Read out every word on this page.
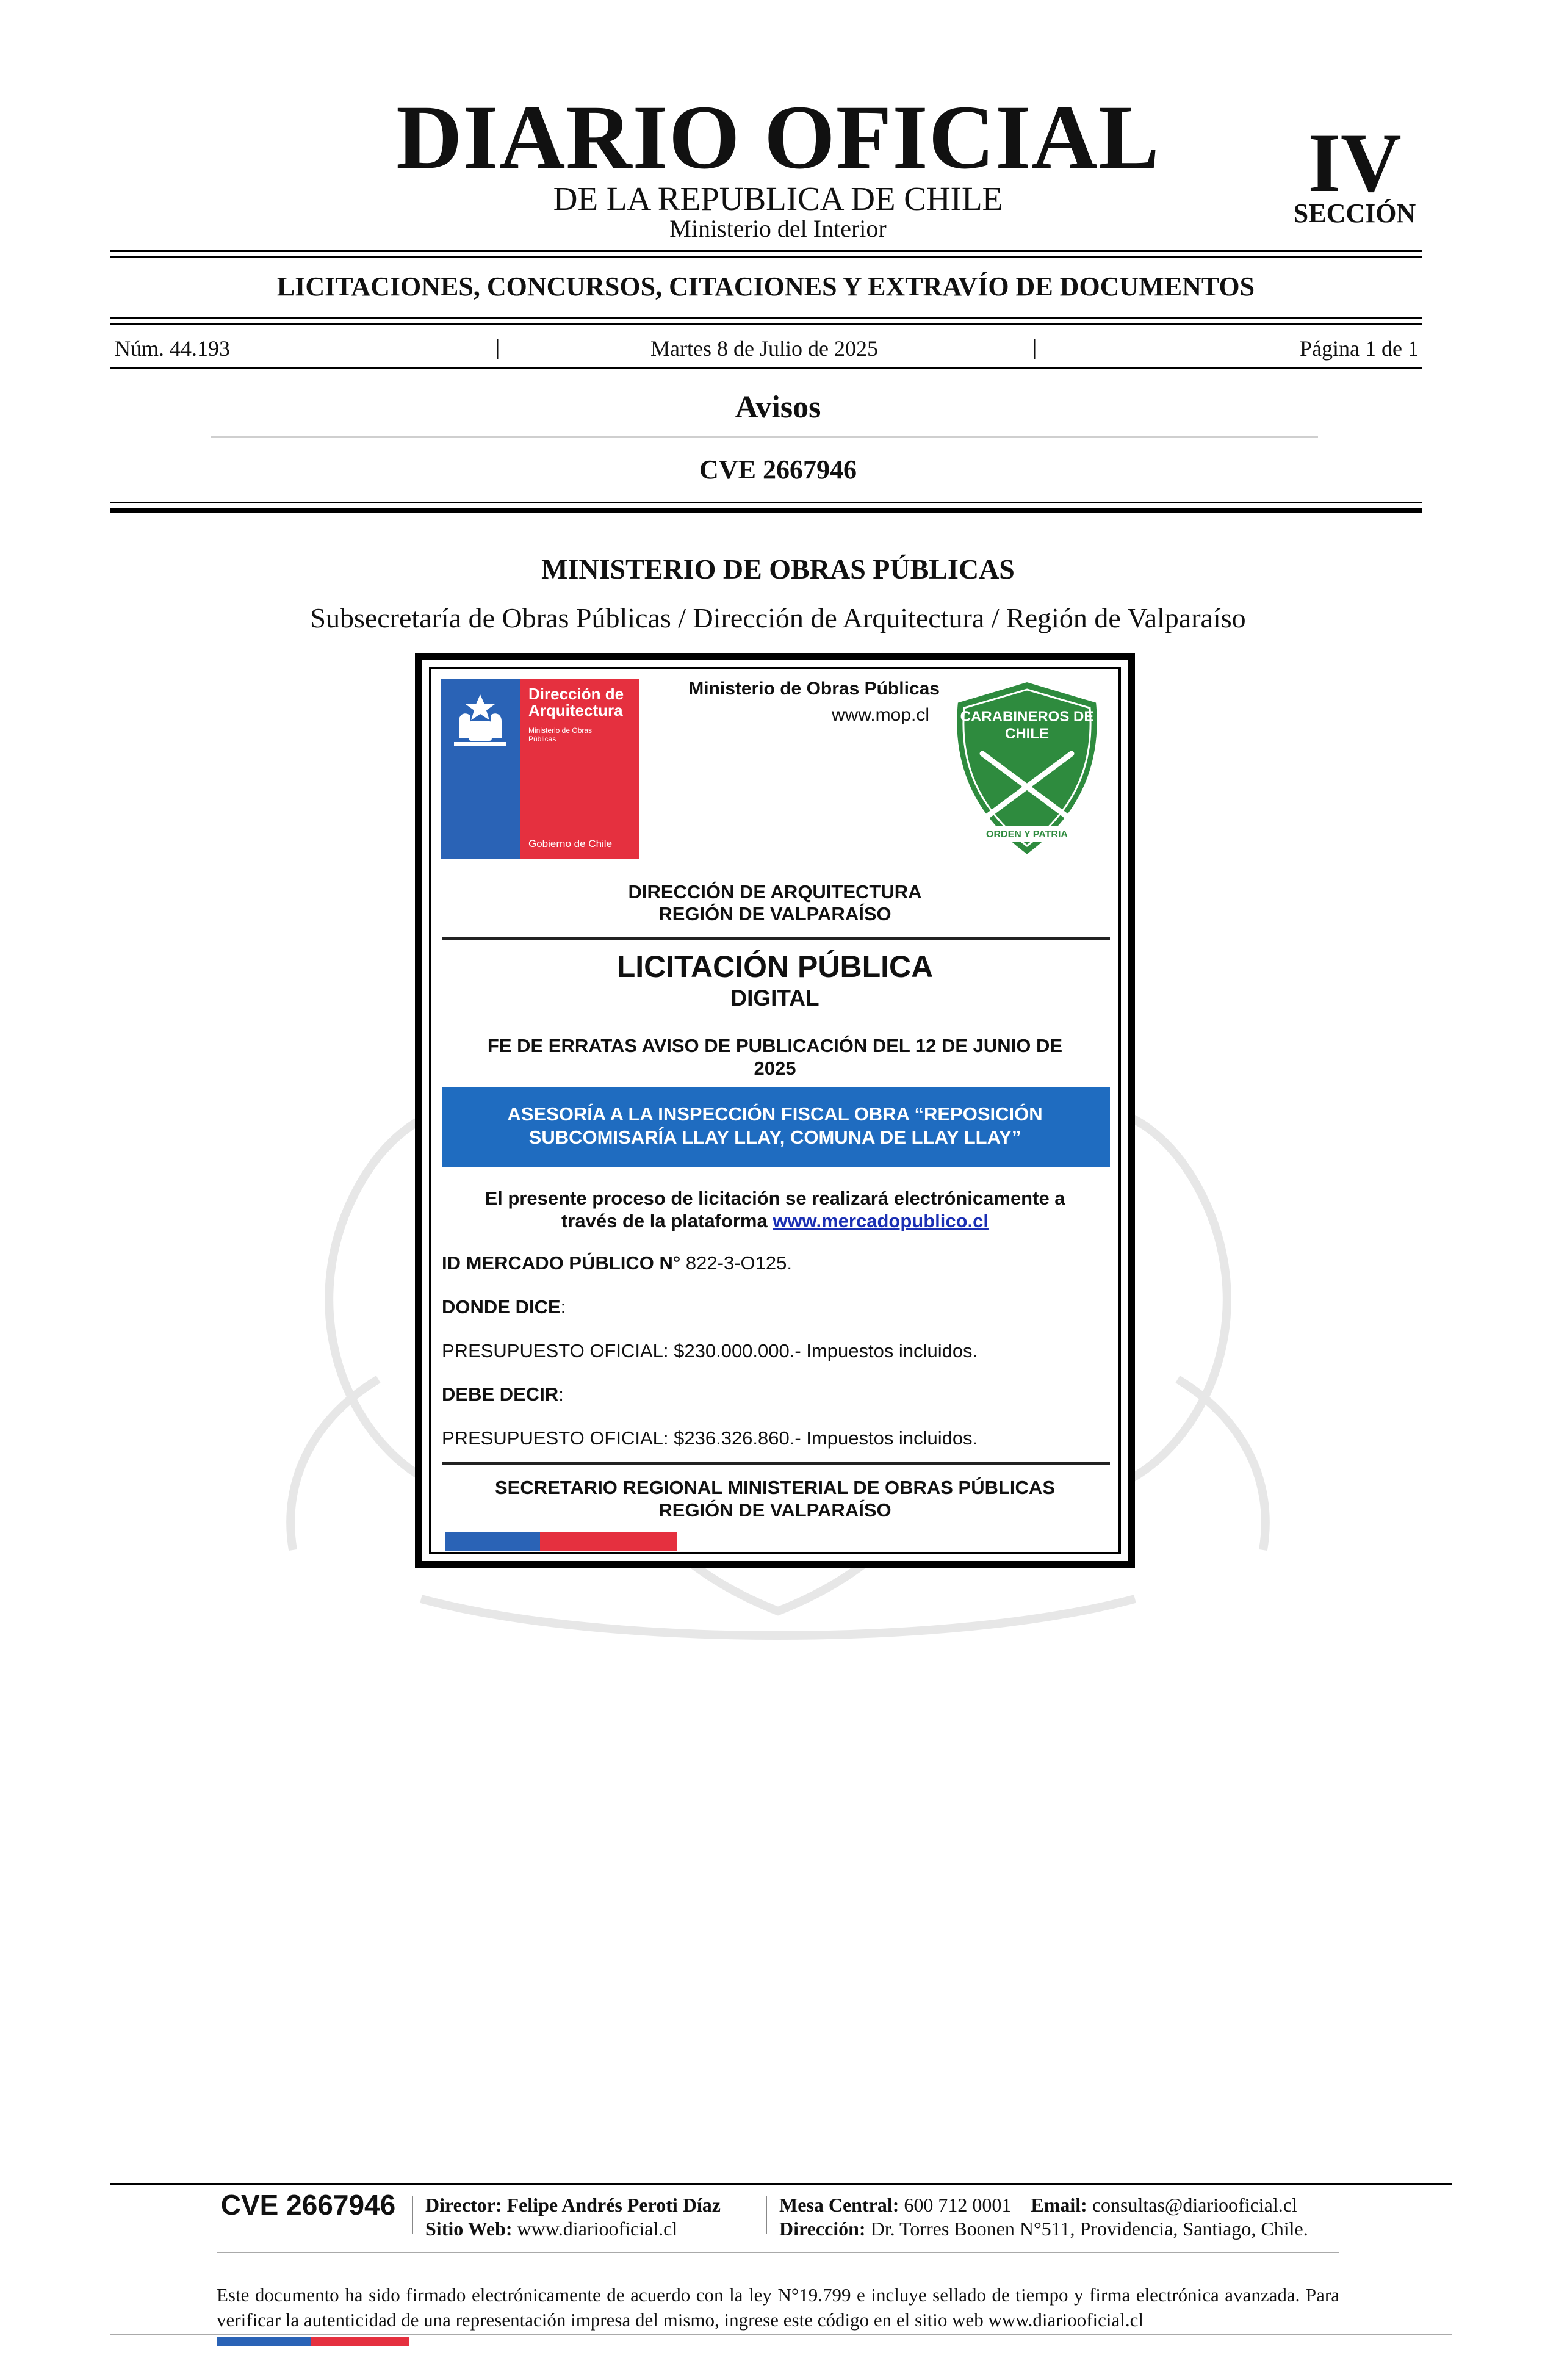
DIARIO OFICIAL
DE LA REPUBLICA DE CHILE
Ministerio del Interior
IV
SECCIÓN
LICITACIONES, CONCURSOS, CITACIONES Y EXTRAVÍO DE DOCUMENTOS
Núm. 44.193	|	Martes 8 de Julio de 2025	|	Página 1 de 1
Avisos
CVE 2667946
MINISTERIO DE OBRAS PÚBLICAS
Subsecretaría de Obras Públicas / Dirección de Arquitectura / Región de Valparaíso
Dirección de
Arquitectura
Ministerio de Obras
Públicas
Gobierno de Chile
Ministerio de Obras Públicas
www.mop.cl CARABINEROS DE
CHILE
ORDEN Y PATRIA
DIRECCIÓN DE ARQUITECTURA
REGIÓN DE VALPARAÍSO
LICITACIÓN PÚBLICA
DIGITAL
FE DE ERRATAS AVISO DE PUBLICACIÓN DEL 12 DE JUNIO DE
2025
ASESORÍA A LA INSPECCIÓN FISCAL OBRA “REPOSICIÓN
SUBCOMISARÍA LLAY LLAY, COMUNA DE LLAY LLAY”
El presente proceso de licitación se realizará electrónicamente a
través de la plataforma www.mercadopublico.cl
ID MERCADO PÚBLICO N° 822-3-O125.
DONDE DICE:
PRESUPUESTO OFICIAL: $230.000.000.- Impuestos incluidos.
DEBE DECIR:
PRESUPUESTO OFICIAL: $236.326.860.- Impuestos incluidos.
SECRETARIO REGIONAL MINISTERIAL DE OBRAS PÚBLICAS
REGIÓN DE VALPARAÍSO
CVE 2667946	Director: Felipe Andrés Peroti Díaz
Sitio Web: www.diariooficial.cl
Mesa Central: 600 712 0001 Email: consultas@diariooficial.cl
Dirección: Dr. Torres Boonen N°511, Providencia, Santiago, Chile.
Este documento ha sido firmado electrónicamente de acuerdo con la ley N°19.799 e incluye sellado de tiempo y firma electrónica avanzada. Para verificar la autenticidad de una representación impresa del mismo, ingrese este código en el sitio web www.diariooficial.cl
